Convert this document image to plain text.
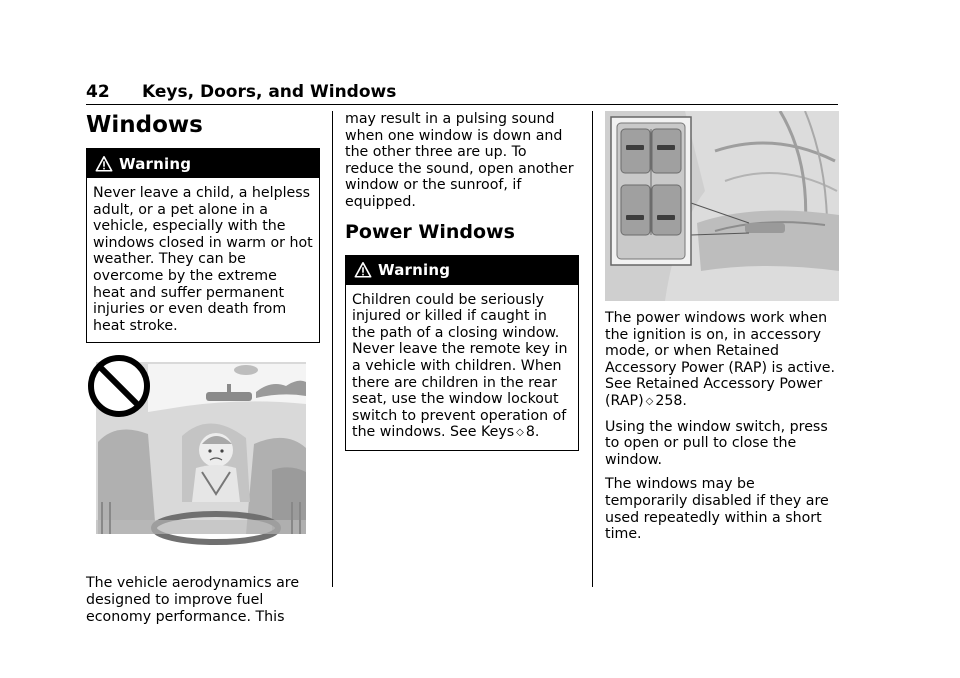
42 Keys, Doors, and Windows
Windows
Warning
Never leave a child, a helpless adult, or a pet alone in a vehicle, especially with the windows closed in warm or hot weather. They can be overcome by the extreme heat and suffer permanent injuries or even death from heat stroke.

The vehicle aerodynamics are designed to improve fuel economy performance. This

may result in a pulsing sound when one window is down and the other three are up. To reduce the sound, open another window or the sunroof, if equipped.

Power Windows
Warning
Children could be seriously injured or killed if caught in the path of a closing window. Never leave the remote key in a vehicle with children. When there are children in the rear seat, use the window lockout switch to prevent operation of the windows. See Keys ◇ 8.

The power windows work when the ignition is on, in accessory mode, or when Retained Accessory Power (RAP) is active. See Retained Accessory Power (RAP) ◇ 258.

Using the window switch, press to open or pull to close the window.

The windows may be temporarily disabled if they are used repeatedly within a short time.
